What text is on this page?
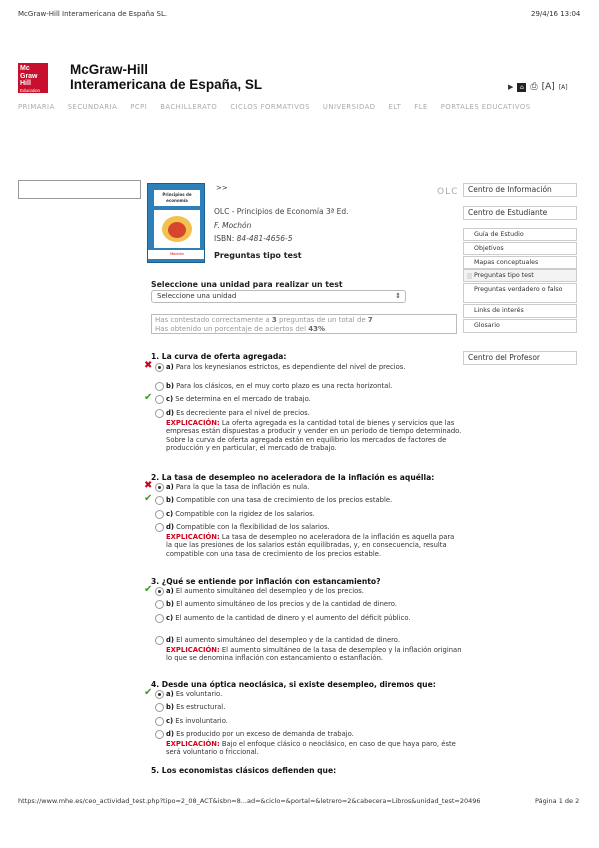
McGraw-Hill Interamericana de España SL.	29/4/16 13:04
Mc
Graw
Hill
Education
McGraw-Hill
Interamericana de España, SL	▶	⌂ ⎙ [A] [A]
PRIMARIA SECUNDARIA PCPI BACHILLERATO CICLOS FORMATIVOS UNIVERSIDAD ELT FLE PORTALES EDUCATIVOS
Principios de economía
Mochón
>>	OLC
OLC - Principios de Economía 3ª Ed.
F. Mochón
ISBN: 84-481-4656-5
Preguntas tipo test
Centro de Información
Centro de Estudiante
Guía de Estudio
Objetivos
Mapas conceptuales
Preguntas tipo test
Preguntas verdadero o falso
Links de interés
Glosario
Centro del Profesor
Seleccione una unidad para realizar un test
Seleccione una unidad	⇕
Has contestado correctamente a 3 preguntas de un total de 7
Has obtenido un porcentaje de aciertos del 43%
1. La curva de oferta agregada:
✖ a) Para los keynesianos estrictos, es dependiente del nivel de precios.
b) Para los clásicos, en el muy corto plazo es una recta horizontal.
✔ c) Se determina en el mercado de trabajo.
d) Es decreciente para el nivel de precios.
EXPLICACIÓN: La oferta agregada es la cantidad total de bienes y servicios que las empresas están dispuestas a producir y vender en un periodo de tiempo determinado. Sobre la curva de oferta agregada están en equilibrio los mercados de factores de producción y en particular, el mercado de trabajo.
2. La tasa de desempleo no aceleradora de la inflación es aquélla:
✖ a) Para la que la tasa de inflación es nula.
✔ b) Compatible con una tasa de crecimiento de los precios estable.
c) Compatible con la rigidez de los salarios.
d) Compatible con la flexibilidad de los salarios.
EXPLICACIÓN: La tasa de desempleo no aceleradora de la inflación es aquella para la que las presiones de los salarios están equilibradas, y, en consecuencia, resulta compatible con una tasa de crecimiento de los precios estable.
3. ¿Qué se entiende por inflación con estancamiento?
✔ a) El aumento simultáneo del desempleo y de los precios.
b) El aumento simultáneo de los precios y de la cantidad de dinero.
c) El aumento de la cantidad de dinero y el aumento del déficit público.
d) El aumento simultáneo del desempleo y de la cantidad de dinero.
EXPLICACIÓN: El aumento simultáneo de la tasa de desempleo y la inflación originan lo que se denomina inflación con estancamiento o estanflación.
4. Desde una óptica neoclásica, si existe desempleo, diremos que:
✔ a) Es voluntario.
b) Es estructural.
c) Es involuntario.
d) Es producido por un exceso de demanda de trabajo.
EXPLICACIÓN: Bajo el enfoque clásico o neoclásico, en caso de que haya paro, éste será voluntario o friccional.
5. Los economistas clásicos defienden que:
https://www.mhe.es/ceo_actividad_test.php?tipo=2_08_ACT&isbn=8...ad=&ciclo=&portal=&letrero=2&cabecera=Libros&unidad_test=20496	Página 1 de 2
